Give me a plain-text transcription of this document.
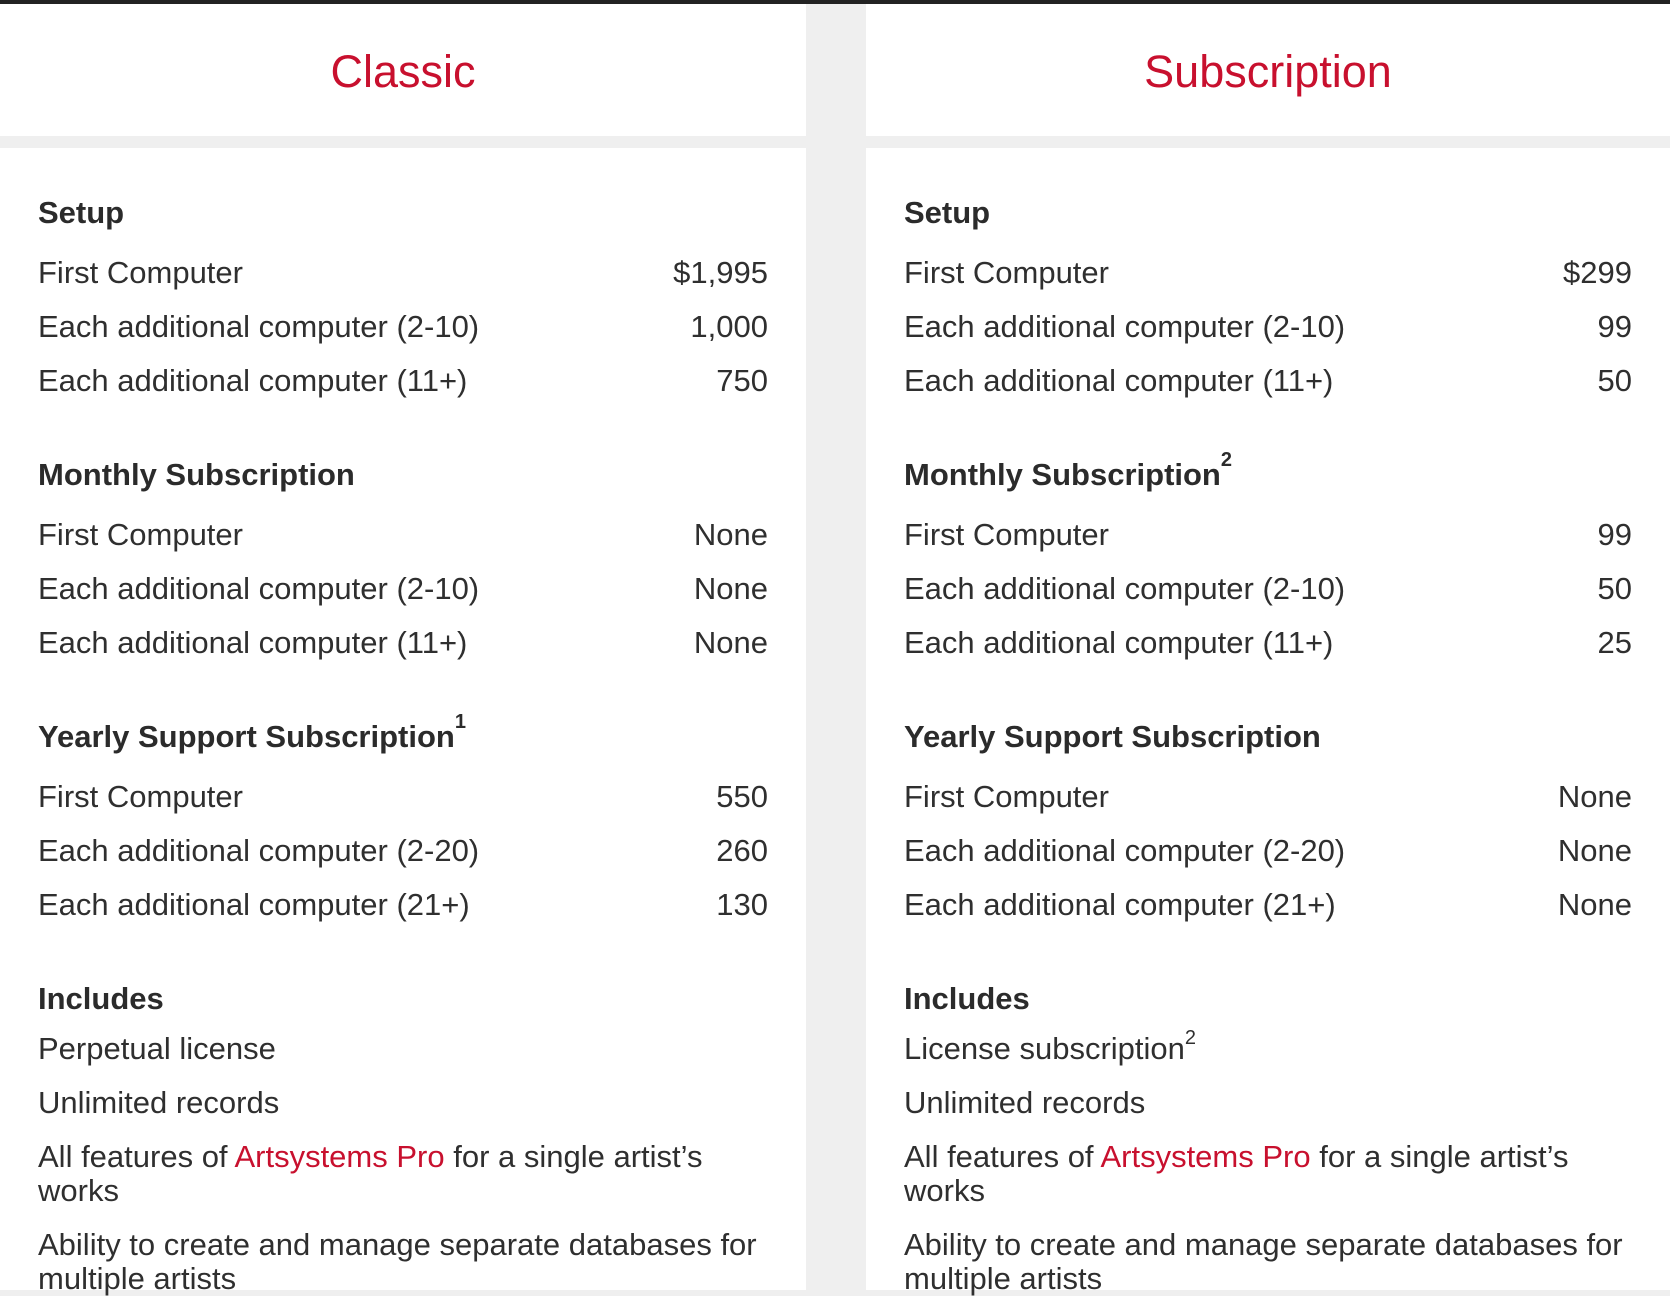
Classic
Setup
First Computer	$1,995
Each additional computer (2-10)	1,000
Each additional computer (11+)	750
Monthly Subscription
First Computer	None
Each additional computer (2-10)	None
Each additional computer (11+)	None
Yearly Support Subscription$^1$
First Computer	550
Each additional computer (2-20)	260
Each additional computer (21+)	130
Includes
Perpetual license
Unlimited records
All features of Artsystems Pro for a single artist’s works
Ability to create and manage separate databases for multiple artists
Subscription
Setup
First Computer	$299
Each additional computer (2-10)	99
Each additional computer (11+)	50
Monthly Subscription$^2$
First Computer	99
Each additional computer (2-10)	50
Each additional computer (11+)	25
Yearly Support Subscription
First Computer	None
Each additional computer (2-20)	None
Each additional computer (21+)	None
Includes
License subscription$^2$
Unlimited records
All features of Artsystems Pro for a single artist’s works
Ability to create and manage separate databases for multiple artists
